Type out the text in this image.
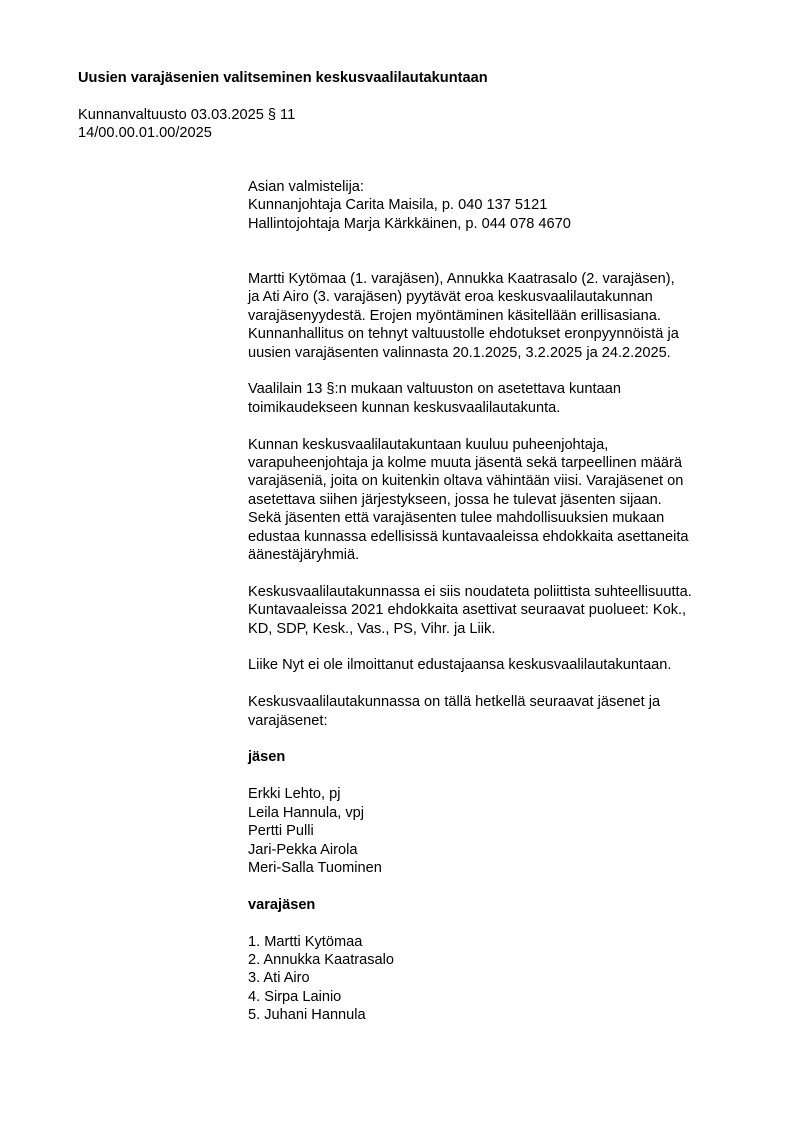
Uusien varajäsenien valitseminen keskusvaalilautakuntaan
Kunnanvaltuusto 03.03.2025 § 11
14/00.00.01.00/2025
Asian valmistelija:
Kunnanjohtaja Carita Maisila, p. 040 137 5121
Hallintojohtaja Marja Kärkkäinen, p. 044 078 4670
Martti Kytömaa (1. varajäsen), Annukka Kaatrasalo (2. varajäsen),
ja Ati Airo (3. varajäsen) pyytävät eroa keskusvaalilautakunnan
varajäsenyydestä. Erojen myöntäminen käsitellään erillisasiana.
Kunnanhallitus on tehnyt valtuustolle ehdotukset eronpyynnöistä ja
uusien varajäsenten valinnasta 20.1.2025, 3.2.2025 ja 24.2.2025.
Vaalilain 13 §:n mukaan valtuuston on asetettava kuntaan
toimikaudekseen kunnan keskusvaalilautakunta.
Kunnan keskusvaalilautakuntaan kuuluu puheenjohtaja,
varapuheenjohtaja ja kolme muuta jäsentä sekä tarpeellinen määrä
varajäseniä, joita on kuitenkin oltava vähintään viisi. Varajäsenet on
asetettava siihen järjestykseen, jossa he tulevat jäsenten sijaan.
Sekä jäsenten että varajäsenten tulee mahdollisuuksien mukaan
edustaa kunnassa edellisissä kuntavaaleissa ehdokkaita asettaneita
äänestäjäryhmiä.
Keskusvaalilautakunnassa ei siis noudateta poliittista suhteellisuutta.
Kuntavaaleissa 2021 ehdokkaita asettivat seuraavat puolueet: Kok.,
KD, SDP, Kesk., Vas., PS, Vihr. ja Liik.
Liike Nyt ei ole ilmoittanut edustajaansa keskusvaalilautakuntaan.
Keskusvaalilautakunnassa on tällä hetkellä seuraavat jäsenet ja
varajäsenet:
jäsen
Erkki Lehto, pj
Leila Hannula, vpj
Pertti Pulli
Jari-Pekka Airola
Meri-Salla Tuominen
varajäsen
1. Martti Kytömaa
2. Annukka Kaatrasalo
3. Ati Airo
4. Sirpa Lainio
5. Juhani Hannula
